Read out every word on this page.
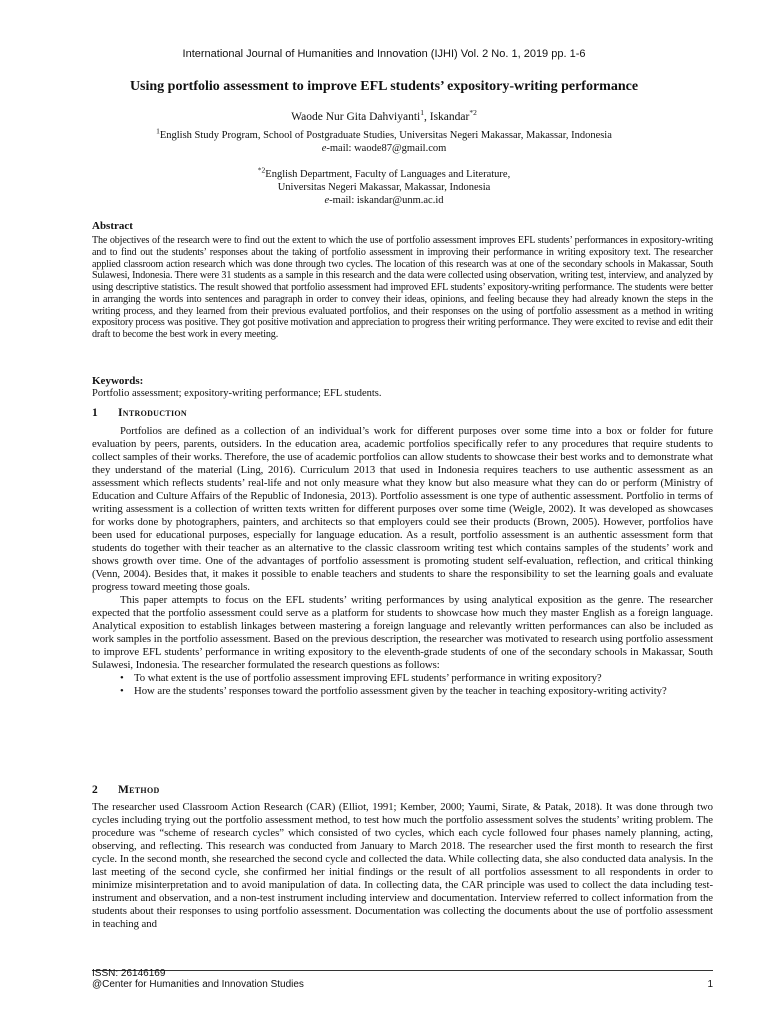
International Journal of Humanities and Innovation (IJHI) Vol. 2 No. 1, 2019 pp. 1-6
Using portfolio assessment to improve EFL students’ expository-writing performance
Waode Nur Gita Dahviyanti$^1$, Iskandar$^{*2}$
$^1$English Study Program, School of Postgraduate Studies, Universitas Negeri Makassar, Makassar, Indonesia
e-mail: waode87@gmail.com
$^{*2}$English Department, Faculty of Languages and Literature,
Universitas Negeri Makassar, Makassar, Indonesia
e-mail: iskandar@unm.ac.id
Abstract
The objectives of the research were to find out the extent to which the use of portfolio assessment improves EFL students’ performances in expository-writing and to find out the students’ responses about the taking of portfolio assessment in improving their performance in writing expository text. The researcher applied classroom action research which was done through two cycles. The location of this research was at one of the secondary schools in Makassar, South Sulawesi, Indonesia. There were 31 students as a sample in this research and the data were collected using observation, writing test, interview, and analyzed by using descriptive statistics. The result showed that portfolio assessment had improved EFL students’ expository-writing performance. The students were better in arranging the words into sentences and paragraph in order to convey their ideas, opinions, and feeling because they had already known the steps in the writing process, and they learned from their previous evaluated portfolios, and their responses on the using of portfolio assessment as a method in writing expository process was positive. They got positive motivation and appreciation to progress their writing performance. They were excited to revise and edit their draft to become the best work in every meeting.
Keywords:
Portfolio assessment; expository-writing performance; EFL students.
1 Introduction

Portfolios are defined as a collection of an individual’s work for different purposes over some time into a box or folder for future evaluation by peers, parents, outsiders. In the education area, academic portfolios specifically refer to any procedures that require students to collect samples of their works. Therefore, the use of academic portfolios can allow students to showcase their best works and to demonstrate what they understand of the material (Ling, 2016). Curriculum 2013 that used in Indonesia requires teachers to use authentic assessment as an assessment which reflects students’ real-life and not only measure what they know but also measure what they can do or perform (Ministry of Education and Culture Affairs of the Republic of Indonesia, 2013). Portfolio assessment is one type of authentic assessment. Portfolio in terms of writing assessment is a collection of written texts written for different purposes over some time (Weigle, 2002). It was developed as showcases for works done by photographers, painters, and architects so that employers could see their products (Brown, 2005). However, portfolios have been used for educational purposes, especially for language education. As a result, portfolio assessment is an authentic assessment form that students do together with their teacher as an alternative to the classic classroom writing test which contains samples of the students’ work and shows growth over time. One of the advantages of portfolio assessment is promoting student self-evaluation, reflection, and critical thinking (Venn, 2004). Besides that, it makes it possible to enable teachers and students to share the responsibility to set the learning goals and evaluate progress toward meeting those goals.

This paper attempts to focus on the EFL students’ writing performances by using analytical exposition as the genre. The researcher expected that the portfolio assessment could serve as a platform for students to showcase how much they master English as a foreign language. Analytical exposition to establish linkages between mastering a foreign language and relevantly written performances can also be included as work samples in the portfolio assessment. Based on the previous description, the researcher was motivated to research using portfolio assessment to improve EFL students’ performance in writing expository to the eleventh-grade students of one of the secondary schools in Makassar, South Sulawesi, Indonesia. The researcher formulated the research questions as follows:

• To what extent is the use of portfolio assessment improving EFL students’ performance in writing expository?
• How are the students’ responses toward the portfolio assessment given by the teacher in teaching expository-writing activity?
2 Method

The researcher used Classroom Action Research (CAR) (Elliot, 1991; Kember, 2000; Yaumi, Sirate, & Patak, 2018). It was done through two cycles including trying out the portfolio assessment method, to test how much the portfolio assessment solves the students’ writing problem. The procedure was “scheme of research cycles” which consisted of two cycles, which each cycle followed four phases namely planning, acting, observing, and reflecting. This research was conducted from January to March 2018. The researcher used the first month to research the first cycle. In the second month, she researched the second cycle and collected the data. While collecting data, she also conducted data analysis. In the last meeting of the second cycle, she confirmed her initial findings or the result of all portfolios assessment to all respondents in order to minimize misinterpretation and to avoid manipulation of data. In collecting data, the CAR principle was used to collect the data including test-instrument and observation, and a non-test instrument including interview and documentation. Interview referred to collect information from the students about their responses to using portfolio assessment. Documentation was collecting the documents about the use of portfolio assessment in teaching and

ISSN: 26146169
@Center for Humanities and Innovation Studies	1
